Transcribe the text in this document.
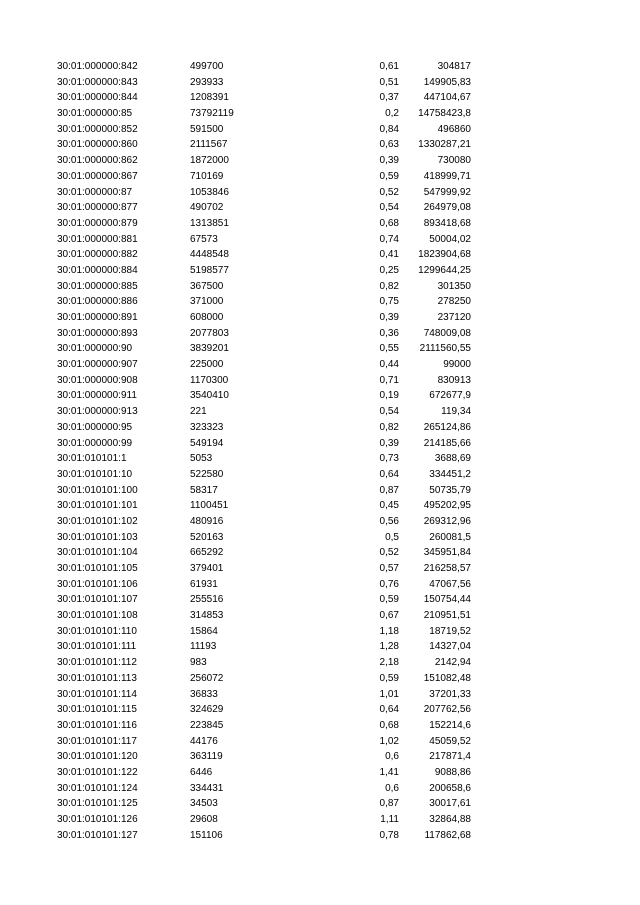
30:01:000000:842	499700	0,61	304817
30:01:000000:843	293933	0,51	149905,83
30:01:000000:844	1208391	0,37	447104,67
30:01:000000:85	73792119	0,2	14758423,8
30:01:000000:852	591500	0,84	496860
30:01:000000:860	2111567	0,63	1330287,21
30:01:000000:862	1872000	0,39	730080
30:01:000000:867	710169	0,59	418999,71
30:01:000000:87	1053846	0,52	547999,92
30:01:000000:877	490702	0,54	264979,08
30:01:000000:879	1313851	0,68	893418,68
30:01:000000:881	67573	0,74	50004,02
30:01:000000:882	4448548	0,41	1823904,68
30:01:000000:884	5198577	0,25	1299644,25
30:01:000000:885	367500	0,82	301350
30:01:000000:886	371000	0,75	278250
30:01:000000:891	608000	0,39	237120
30:01:000000:893	2077803	0,36	748009,08
30:01:000000:90	3839201	0,55	2111560,55
30:01:000000:907	225000	0,44	99000
30:01:000000:908	1170300	0,71	830913
30:01:000000:911	3540410	0,19	672677,9
30:01:000000:913	221	0,54	119,34
30:01:000000:95	323323	0,82	265124,86
30:01:000000:99	549194	0,39	214185,66
30:01:010101:1	5053	0,73	3688,69
30:01:010101:10	522580	0,64	334451,2
30:01:010101:100	58317	0,87	50735,79
30:01:010101:101	1100451	0,45	495202,95
30:01:010101:102	480916	0,56	269312,96
30:01:010101:103	520163	0,5	260081,5
30:01:010101:104	665292	0,52	345951,84
30:01:010101:105	379401	0,57	216258,57
30:01:010101:106	61931	0,76	47067,56
30:01:010101:107	255516	0,59	150754,44
30:01:010101:108	314853	0,67	210951,51
30:01:010101:110	15864	1,18	18719,52
30:01:010101:111	11193	1,28	14327,04
30:01:010101:112	983	2,18	2142,94
30:01:010101:113	256072	0,59	151082,48
30:01:010101:114	36833	1,01	37201,33
30:01:010101:115	324629	0,64	207762,56
30:01:010101:116	223845	0,68	152214,6
30:01:010101:117	44176	1,02	45059,52
30:01:010101:120	363119	0,6	217871,4
30:01:010101:122	6446	1,41	9088,86
30:01:010101:124	334431	0,6	200658,6
30:01:010101:125	34503	0,87	30017,61
30:01:010101:126	29608	1,11	32864,88
30:01:010101:127	151106	0,78	117862,68
